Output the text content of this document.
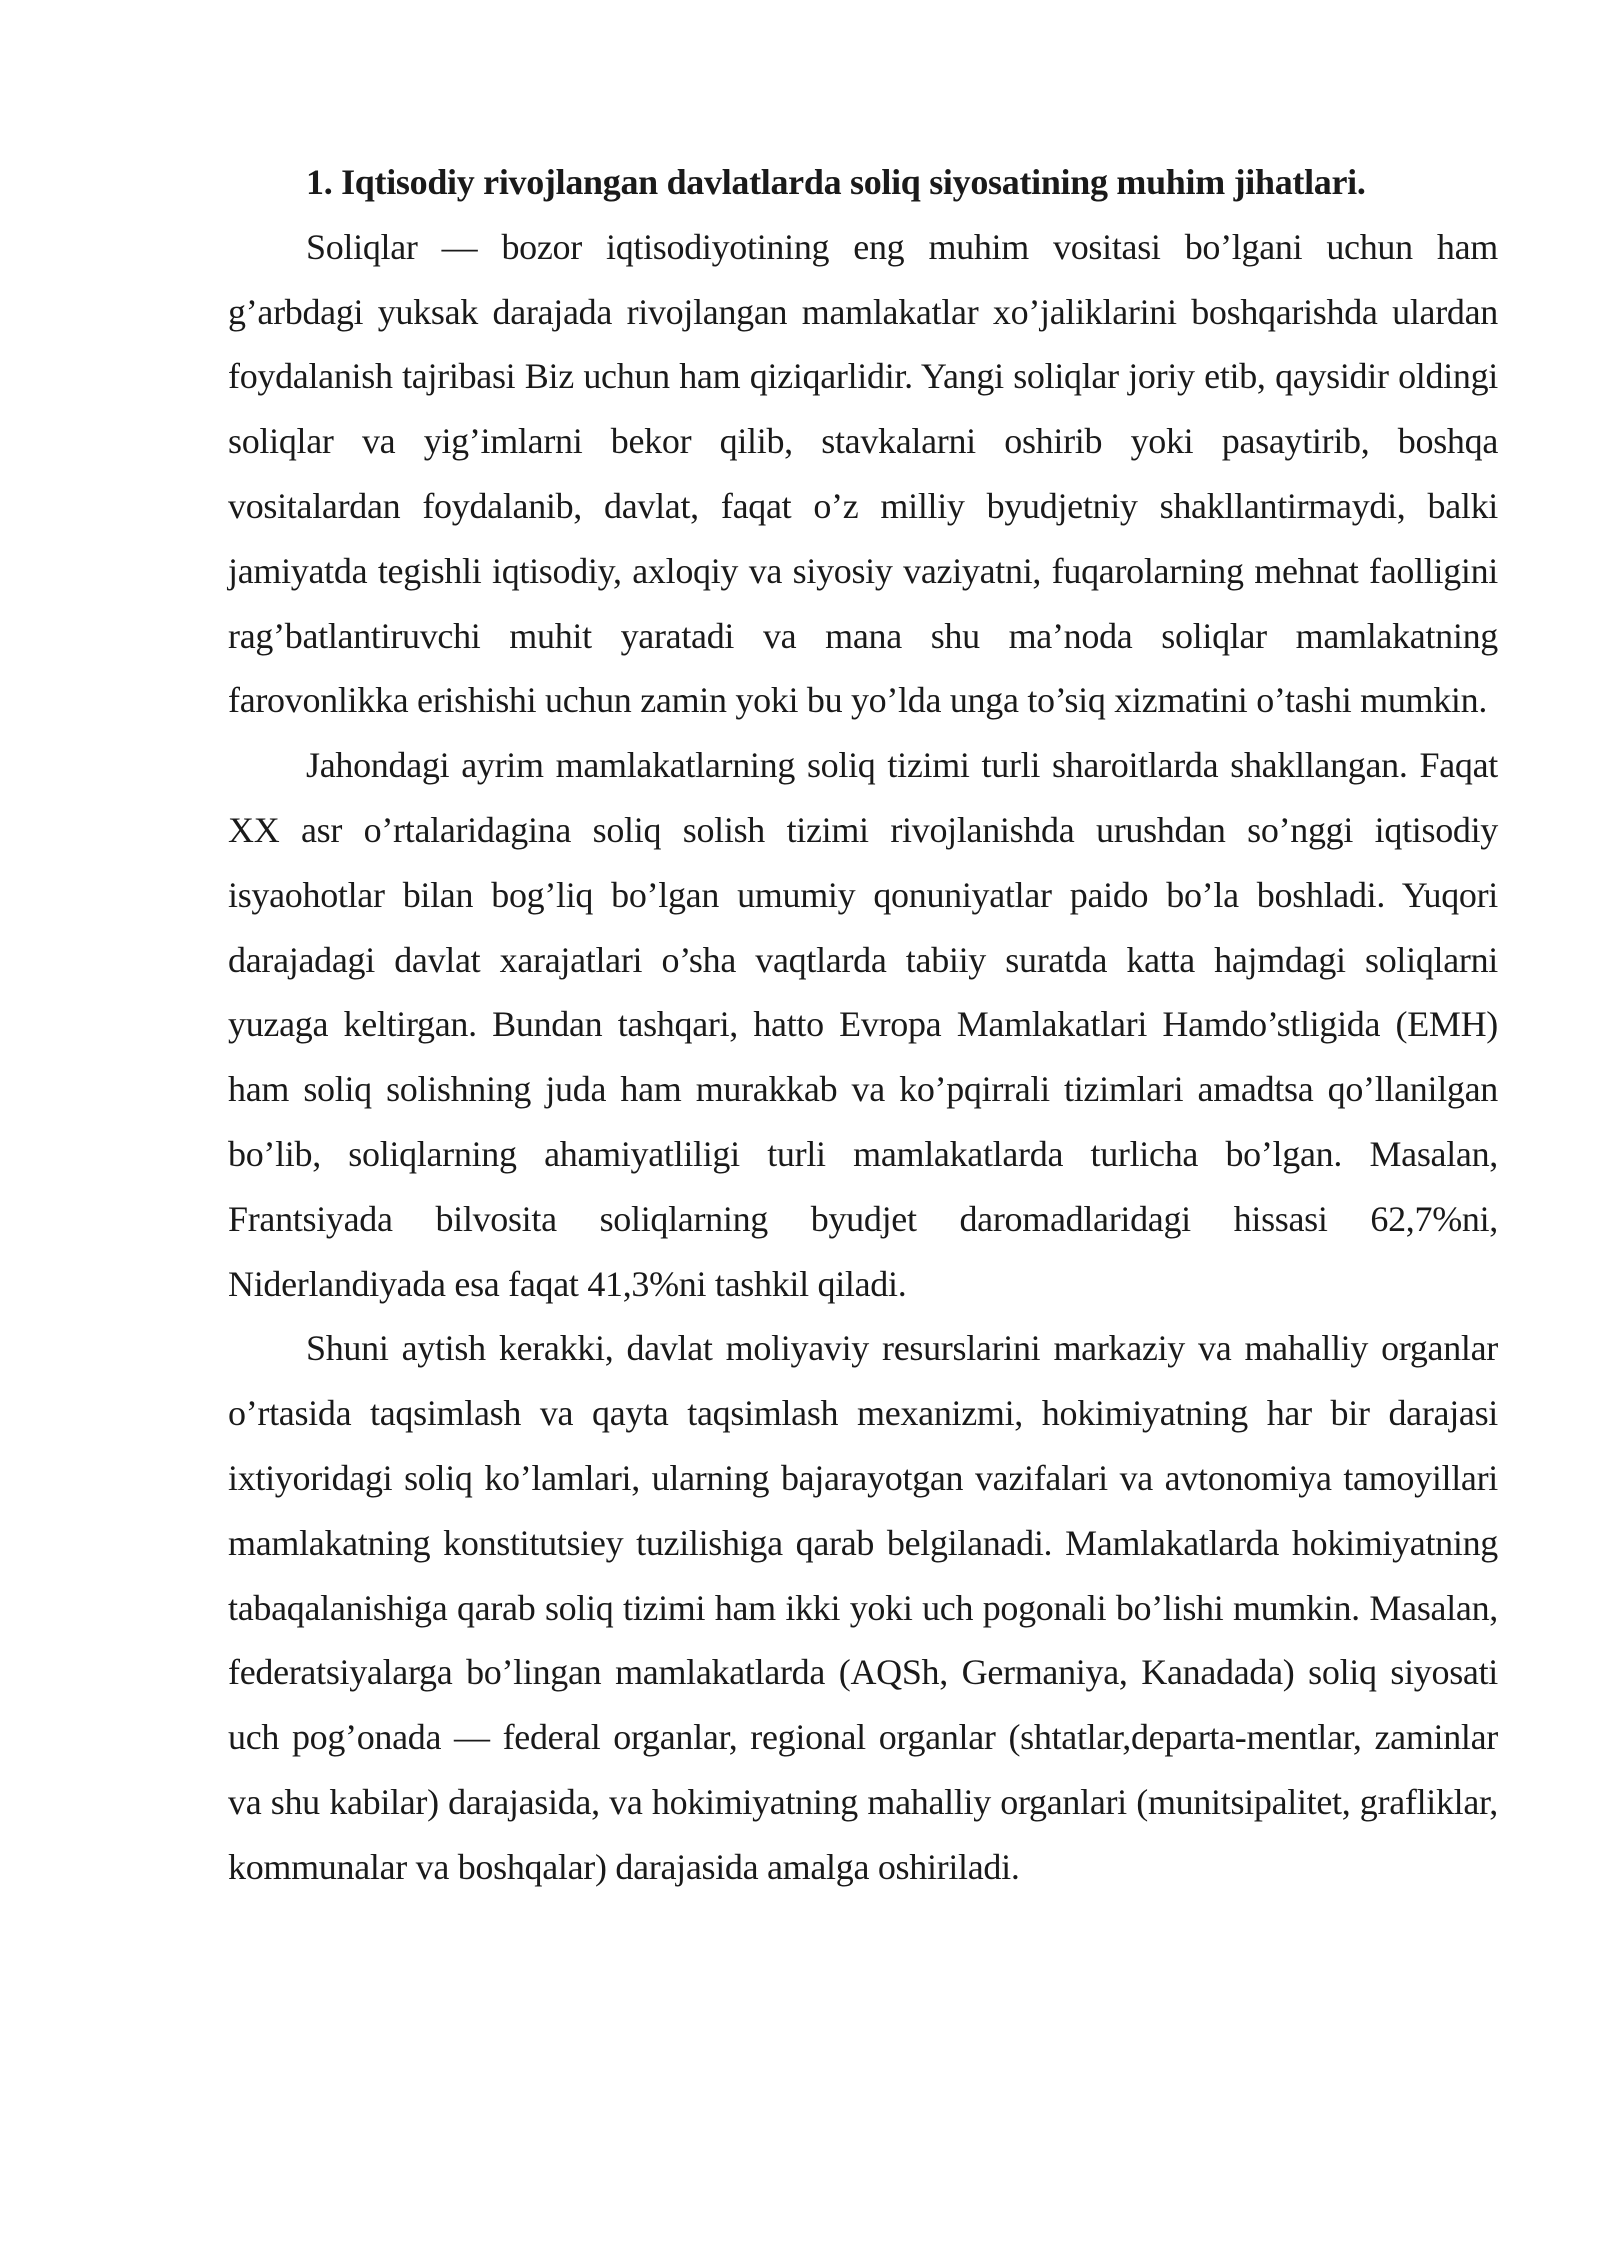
1. Iqtisodiy rivojlangan davlatlarda soliq siyosatining muhim jihatlari.

Soliqlar — bozor iqtisodiyotining eng muhim vositasi bo’lgani uchun ham g’arbdagi yuksak darajada rivojlangan mamlakatlar xo’jaliklarini boshqarishda ulardan foydalanish tajribasi Biz uchun ham qiziqarlidir. Yangi soliqlar joriy etib, qaysidir oldingi soliqlar va yig’imlarni bekor qilib, stavkalarni oshirib yoki pasaytirib, boshqa vositalardan foydalanib, davlat, faqat o’z milliy byudjetniy shakllantirmaydi, balki jamiyatda tegishli iqtisodiy, axloqiy va siyosiy vaziyatni, fuqarolarning mehnat faolligini rag’batlantiruvchi muhit yaratadi va mana shu ma’noda soliqlar mamlakatning farovonlikka erishishi uchun zamin yoki bu yo’lda unga to’siq xizmatini o’tashi mumkin.

Jahondagi ayrim mamlakatlarning soliq tizimi turli sharoitlarda shakllangan. Faqat XX asr o’rtalaridagina soliq solish tizimi rivojlanishda urushdan so’nggi iqtisodiy isyaohotlar bilan bog’liq bo’lgan umumiy qonuniyatlar paido bo’la boshladi. Yuqori darajadagi davlat xarajatlari o’sha vaqtlarda tabiiy suratda katta hajmdagi soliqlarni yuzaga keltirgan. Bundan tashqari, hatto Evropa Mamlakatlari Hamdo’stligida (EMH) ham soliq solishning juda ham murakkab va ko’pqirrali tizimlari amadtsa qo’llanilgan bo’lib, soliqlarning ahamiyatliligi turli mamlakatlarda turlicha bo’lgan. Masalan, Frantsiyada bilvosita soliqlarning byudjet daromadlaridagi hissasi 62,7%ni, Niderlandiyada esa faqat 41,3%ni tashkil qiladi.

Shuni aytish kerakki, davlat moliyaviy resurslarini markaziy va mahalliy organlar o’rtasida taqsimlash va qayta taqsimlash mexanizmi, hokimiyatning har bir darajasi ixtiyoridagi soliq ko’lamlari, ularning bajarayotgan vazifalari va avtonomiya tamoyillari mamlakatning konstitutsiey tuzilishiga qarab belgilanadi. Mamlakatlarda hokimiyatning tabaqalanishiga qarab soliq tizimi ham ikki yoki uch pogonali bo’lishi mumkin. Masalan, federatsiyalarga bo’lingan mamlakatlarda (AQSh, Germaniya, Kanadada) soliq siyosati uch pog’onada — federal organlar, regional organlar (shtatlar,departa-mentlar, zaminlar va shu kabilar) darajasida, va hokimiyatning mahalliy organlari (munitsipalitet, grafliklar, kommunalar va boshqalar) darajasida amalga oshiriladi.
